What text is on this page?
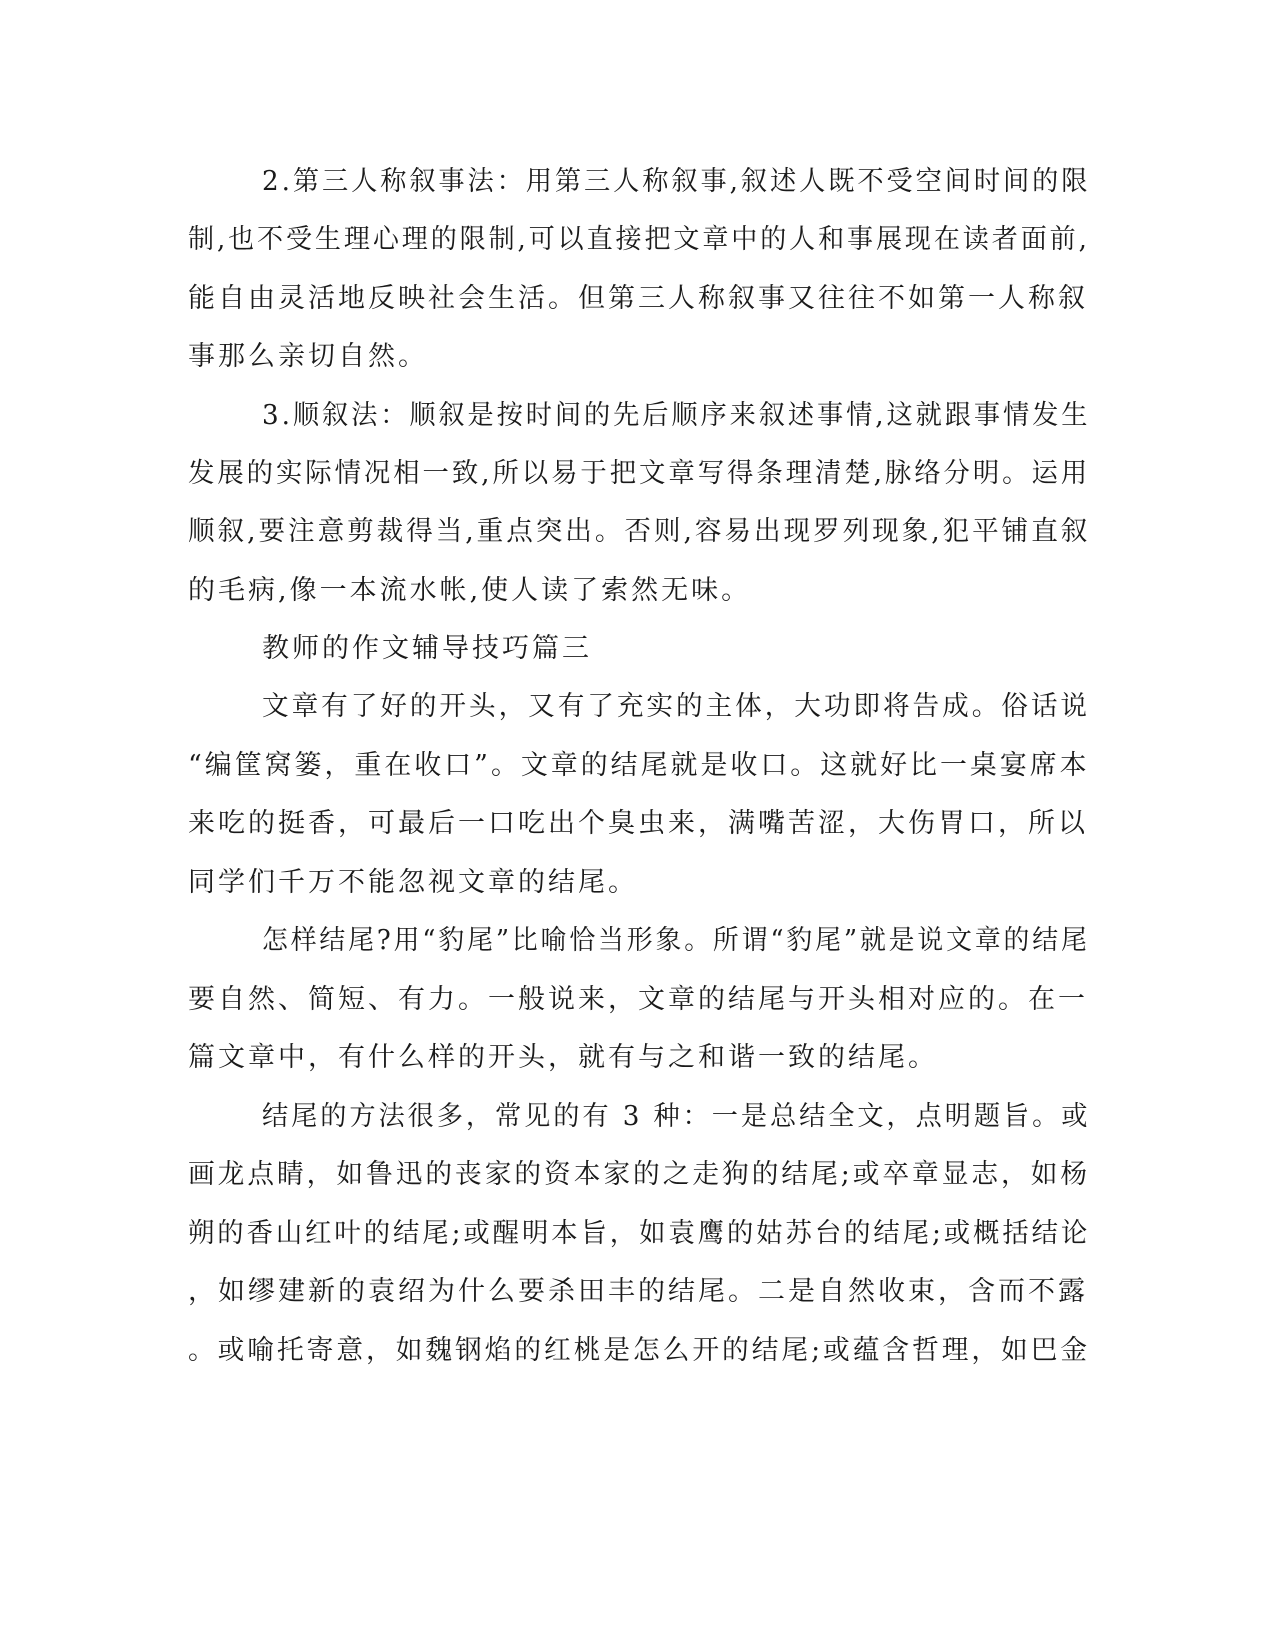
2.第三人称叙事法：用第三人称叙事,叙述人既不受空间时间的限

制,也不受生理心理的限制,可以直接把文章中的人和事展现在读者面前,

能自由灵活地反映社会生活。但第三人称叙事又往往不如第一人称叙

事那么亲切自然。

3.顺叙法：顺叙是按时间的先后顺序来叙述事情,这就跟事情发生

发展的实际情况相一致,所以易于把文章写得条理清楚,脉络分明。运用

顺叙,要注意剪裁得当,重点突出。否则,容易出现罗列现象,犯平铺直叙

的毛病,像一本流水帐,使人读了索然无味。

教师的作文辅导技巧篇三

文章有了好的开头，又有了充实的主体，大功即将告成。俗话说

“编筐窝篓，重在收口”。文章的结尾就是收口。这就好比一桌宴席本

来吃的挺香，可最后一口吃出个臭虫来，满嘴苦涩，大伤胃口，所以

同学们千万不能忽视文章的结尾。

怎样结尾?用“豹尾”比喻恰当形象。所谓“豹尾”就是说文章的结尾

要自然、简短、有力。一般说来，文章的结尾与开头相对应的。在一

篇文章中，有什么样的开头，就有与之和谐一致的结尾。

结尾的方法很多，常见的有 3 种：一是总结全文，点明题旨。或

画龙点睛，如鲁迅的丧家的资本家的之走狗的结尾;或卒章显志，如杨

朔的香山红叶的结尾;或醒明本旨，如袁鹰的姑苏台的结尾;或概括结论

，如缪建新的袁绍为什么要杀田丰的结尾。二是自然收束，含而不露

。或喻托寄意，如魏钢焰的红桃是怎么开的结尾;或蕴含哲理，如巴金
